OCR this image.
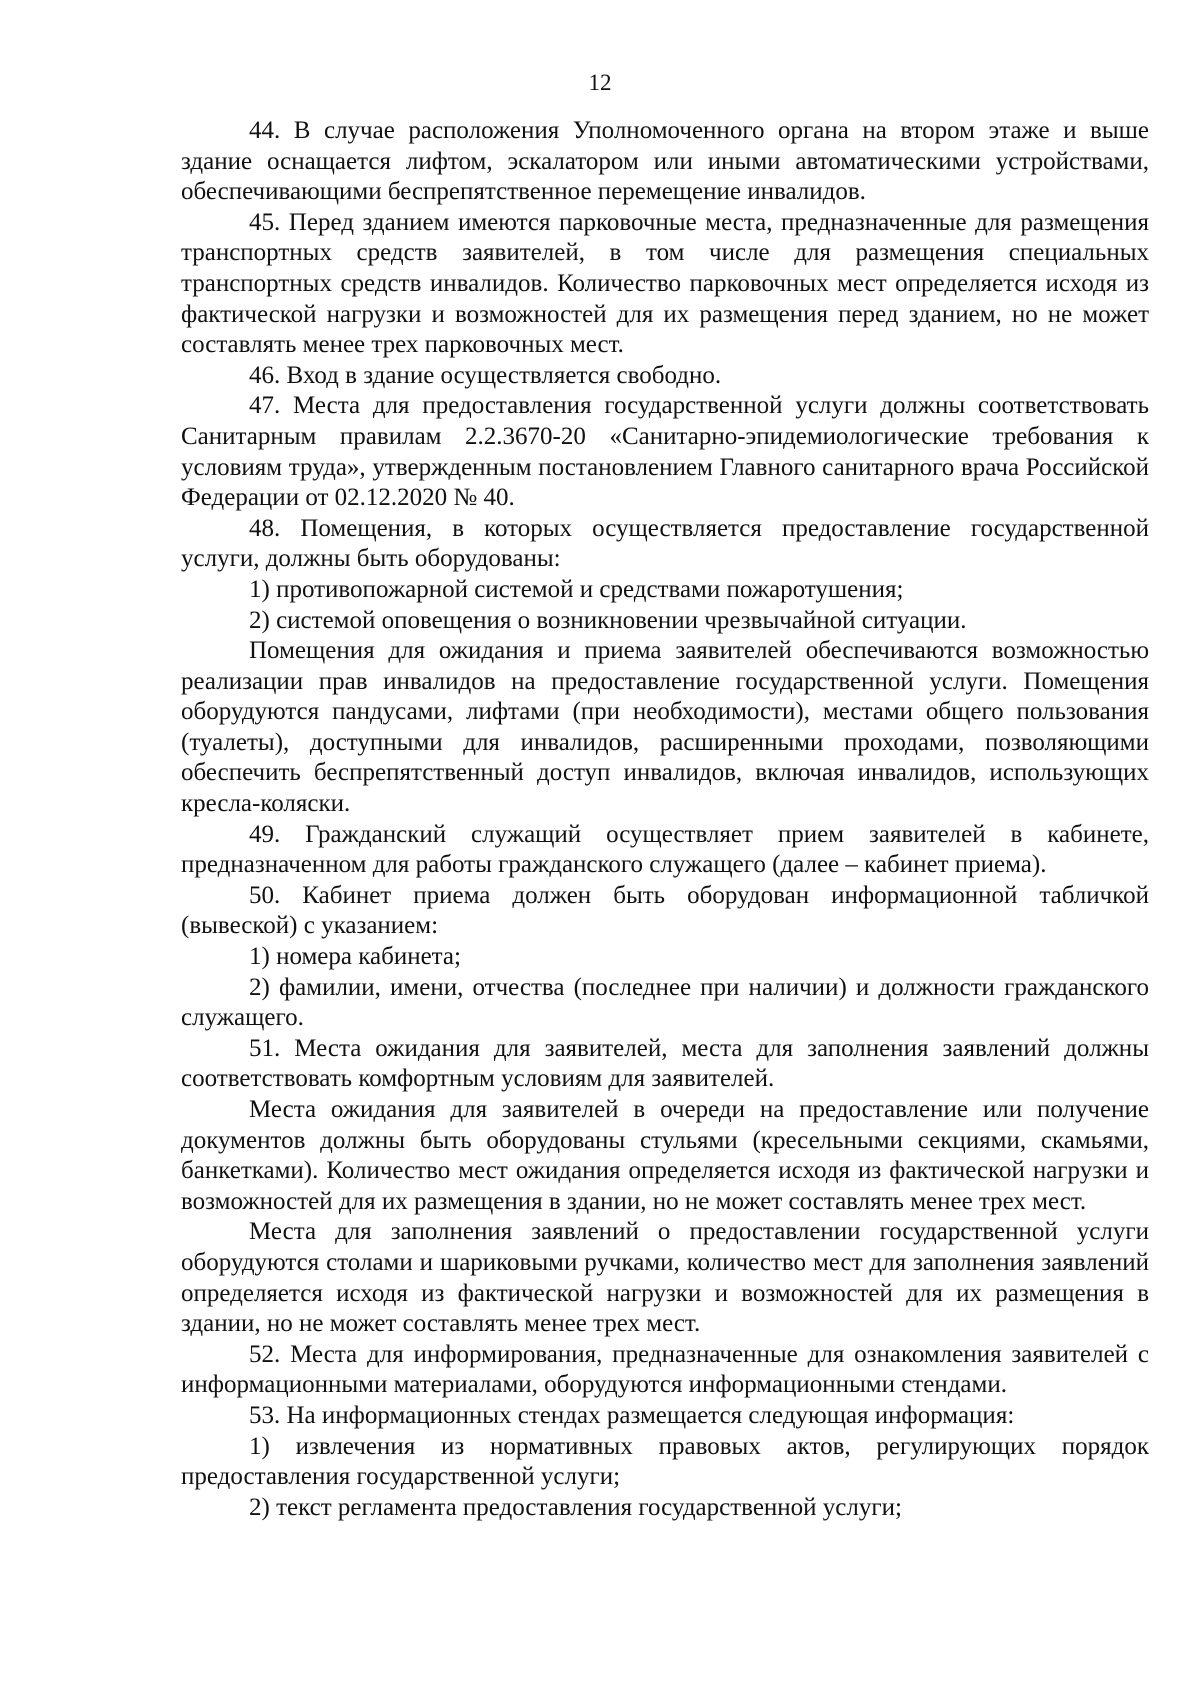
12

44. В случае расположения Уполномоченного органа на втором этаже и выше здание оснащается лифтом, эскалатором или иными автоматическими устройствами, обеспечивающими беспрепятственное перемещение инвалидов.

45. Перед зданием имеются парковочные места, предназначенные для размещения транспортных средств заявителей, в том числе для размещения специальных транспортных средств инвалидов. Количество парковочных мест определяется исходя из фактической нагрузки и возможностей для их размещения перед зданием, но не может составлять менее трех парковочных мест.

46. Вход в здание осуществляется свободно.

47. Места для предоставления государственной услуги должны соответствовать Санитарным правилам 2.2.3670-20 «Санитарно-эпидемиологические требования к условиям труда», утвержденным постановлением Главного санитарного врача Российской Федерации от 02.12.2020 № 40.

48. Помещения, в которых осуществляется предоставление государственной услуги, должны быть оборудованы:

1) противопожарной системой и средствами пожаротушения;

2) системой оповещения о возникновении чрезвычайной ситуации.

Помещения для ожидания и приема заявителей обеспечиваются возможностью реализации прав инвалидов на предоставление государственной услуги. Помещения оборудуются пандусами, лифтами (при необходимости), местами общего пользования (туалеты), доступными для инвалидов, расширенными проходами, позволяющими обеспечить беспрепятственный доступ инвалидов, включая инвалидов, использующих кресла-коляски.

49. Гражданский служащий осуществляет прием заявителей в кабинете, предназначенном для работы гражданского служащего (далее – кабинет приема).

50. Кабинет приема должен быть оборудован информационной табличкой (вывеской) с указанием:

1) номера кабинета;

2) фамилии, имени, отчества (последнее при наличии) и должности гражданского служащего.

51. Места ожидания для заявителей, места для заполнения заявлений должны соответствовать комфортным условиям для заявителей.

Места ожидания для заявителей в очереди на предоставление или получение документов должны быть оборудованы стульями (кресельными секциями, скамьями, банкетками). Количество мест ожидания определяется исходя из фактической нагрузки и возможностей для их размещения в здании, но не может составлять менее трех мест.

Места для заполнения заявлений о предоставлении государственной услуги оборудуются столами и шариковыми ручками, количество мест для заполнения заявлений определяется исходя из фактической нагрузки и возможностей для их размещения в здании, но не может составлять менее трех мест.

52. Места для информирования, предназначенные для ознакомления заявителей с информационными материалами, оборудуются информационными стендами.

53. На информационных стендах размещается следующая информация:

1) извлечения из нормативных правовых актов, регулирующих порядок предоставления государственной услуги;

2) текст регламента предоставления государственной услуги;
